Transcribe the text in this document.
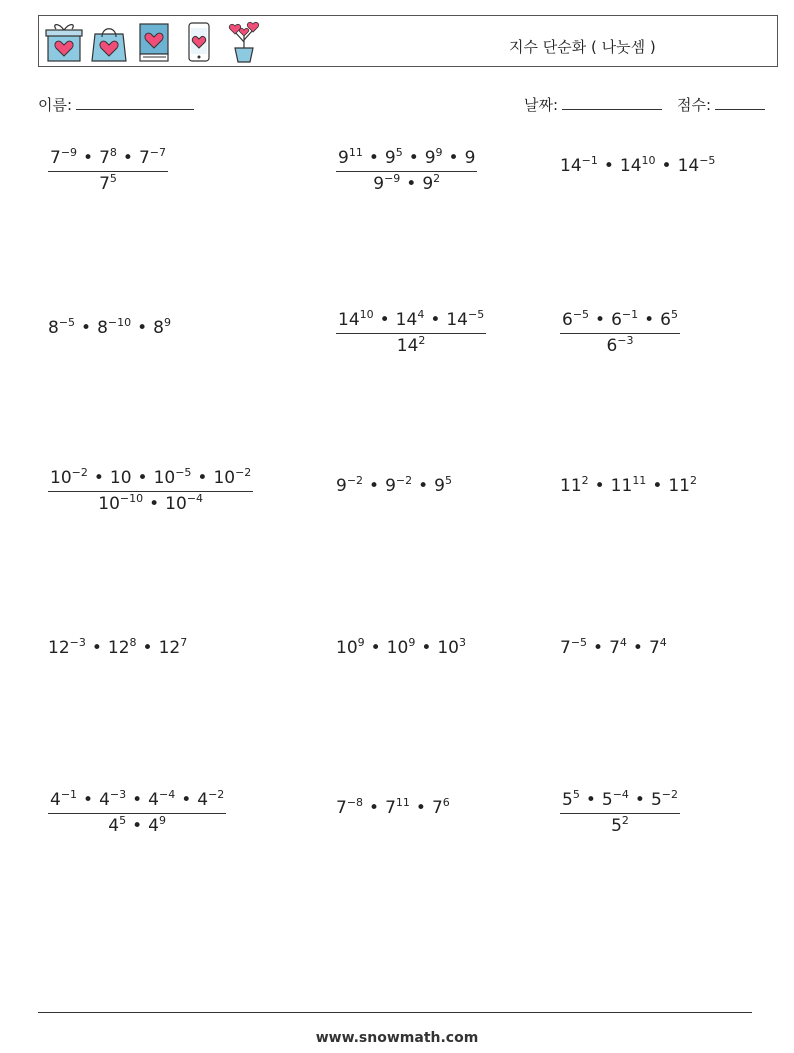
지수 단순화 ( 나눗셈 )
이름:	날짜:	점수:
$\frac{7^{-9} • 7^8 • 7^{-7}}{7^5}$	$\frac{9^{11} • 9^5 • 9^9 • 9}{9^{-9} • 9^2}$	$14^{-1}$ • $14^{10}$ • $14^{-5}$
$8^{-5}$ • $8^{-10}$ • $8^9$	$\frac{14^{10} • 14^4 • 14^{-5}}{14^2}$	$\frac{6^{-5} • 6^{-1} • 6^5}{6^{-3}}$
$\frac{10^{-2} • 10 • 10^{-5} • 10^{-2}}{10^{-10} • 10^{-4}}$	$9^{-2}$ • $9^{-2}$ • $9^5$	$11^2$ • $11^{11}$ • $11^2$
$12^{-3}$ • $12^8$ • $12^7$	$10^9$ • $10^9$ • $10^3$	$7^{-5}$ • $7^4$ • $7^4$
$\frac{4^{-1} • 4^{-3} • 4^{-4} • 4^{-2}}{4^5 • 4^9}$	$7^{-8}$ • $7^{11}$ • $7^6$	$\frac{5^5 • 5^{-4} • 5^{-2}}{5^2}$
www.snowmath.com
